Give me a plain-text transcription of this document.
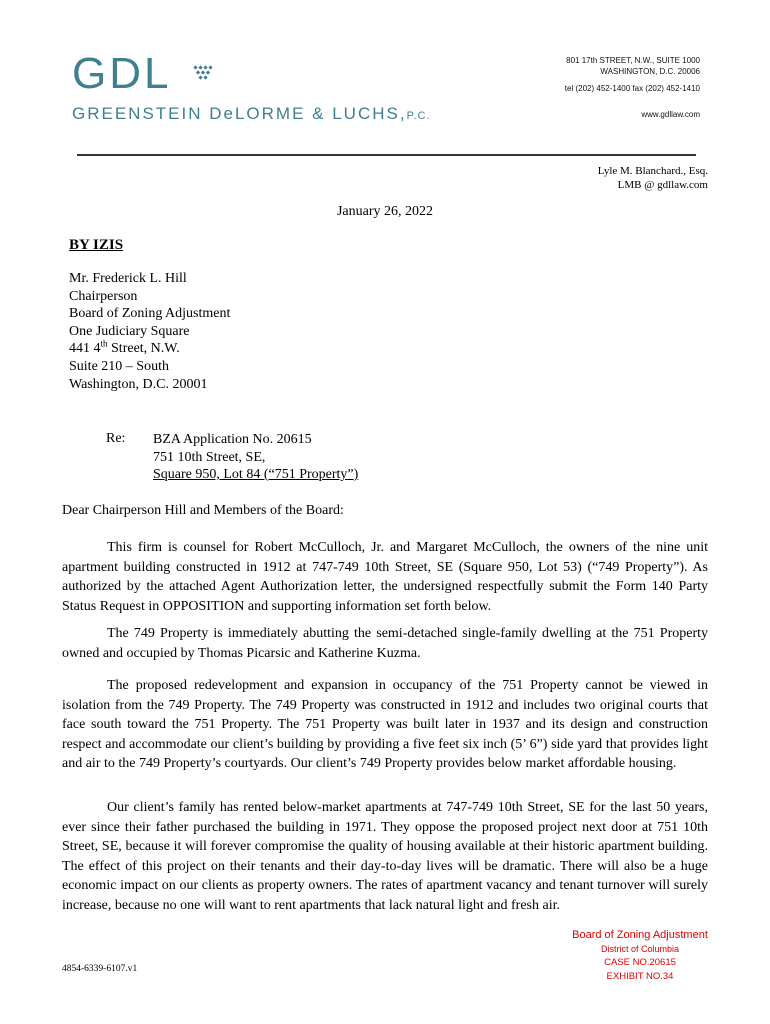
GDL
GREENSTEIN DeLORME & LUCHS,P.C.
801 17th STREET, N.W., SUITE 1000
WASHINGTON, D.C. 20006
tel (202) 452-1400 fax (202) 452-1410
www.gdllaw.com
Lyle M. Blanchard., Esq.
LMB @ gdllaw.com
January 26, 2022
BY IZIS
Mr. Frederick L. Hill
Chairperson
Board of Zoning Adjustment
One Judiciary Square
441 4th Street, N.W.
Suite 210 – South
Washington, D.C. 20001
Re: BZA Application No. 20615
751 10th Street, SE,
Square 950, Lot 84 (“751 Property”)
Dear Chairperson Hill and Members of the Board:

This firm is counsel for Robert McCulloch, Jr. and Margaret McCulloch, the owners of the nine unit apartment building constructed in 1912 at 747-749 10th Street, SE (Square 950, Lot 53) (“749 Property”). As authorized by the attached Agent Authorization letter, the undersigned respectfully submit the Form 140 Party Status Request in OPPOSITION and supporting information set forth below.

The 749 Property is immediately abutting the semi-detached single-family dwelling at the 751 Property owned and occupied by Thomas Picarsic and Katherine Kuzma.

The proposed redevelopment and expansion in occupancy of the 751 Property cannot be viewed in isolation from the 749 Property. The 749 Property was constructed in 1912 and includes two original courts that face south toward the 751 Property. The 751 Property was built later in 1937 and its design and construction respect and accommodate our client’s building by providing a five feet six inch (5’ 6”) side yard that provides light and air to the 749 Property’s courtyards. Our client’s 749 Property provides below market affordable housing.

Our client’s family has rented below-market apartments at 747-749 10th Street, SE for the last 50 years, ever since their father purchased the building in 1971. They oppose the proposed project next door at 751 10th Street, SE, because it will forever compromise the quality of housing available at their historic apartment building. The effect of this project on their tenants and their day-to-day lives will be dramatic. There will also be a huge economic impact on our clients as property owners. The rates of apartment vacancy and tenant turnover will surely increase, because no one will want to rent apartments that lack natural light and fresh air.

4854-6339-6107.v1
Board of Zoning Adjustment
District of Columbia
CASE NO.20615
EXHIBIT NO.34
